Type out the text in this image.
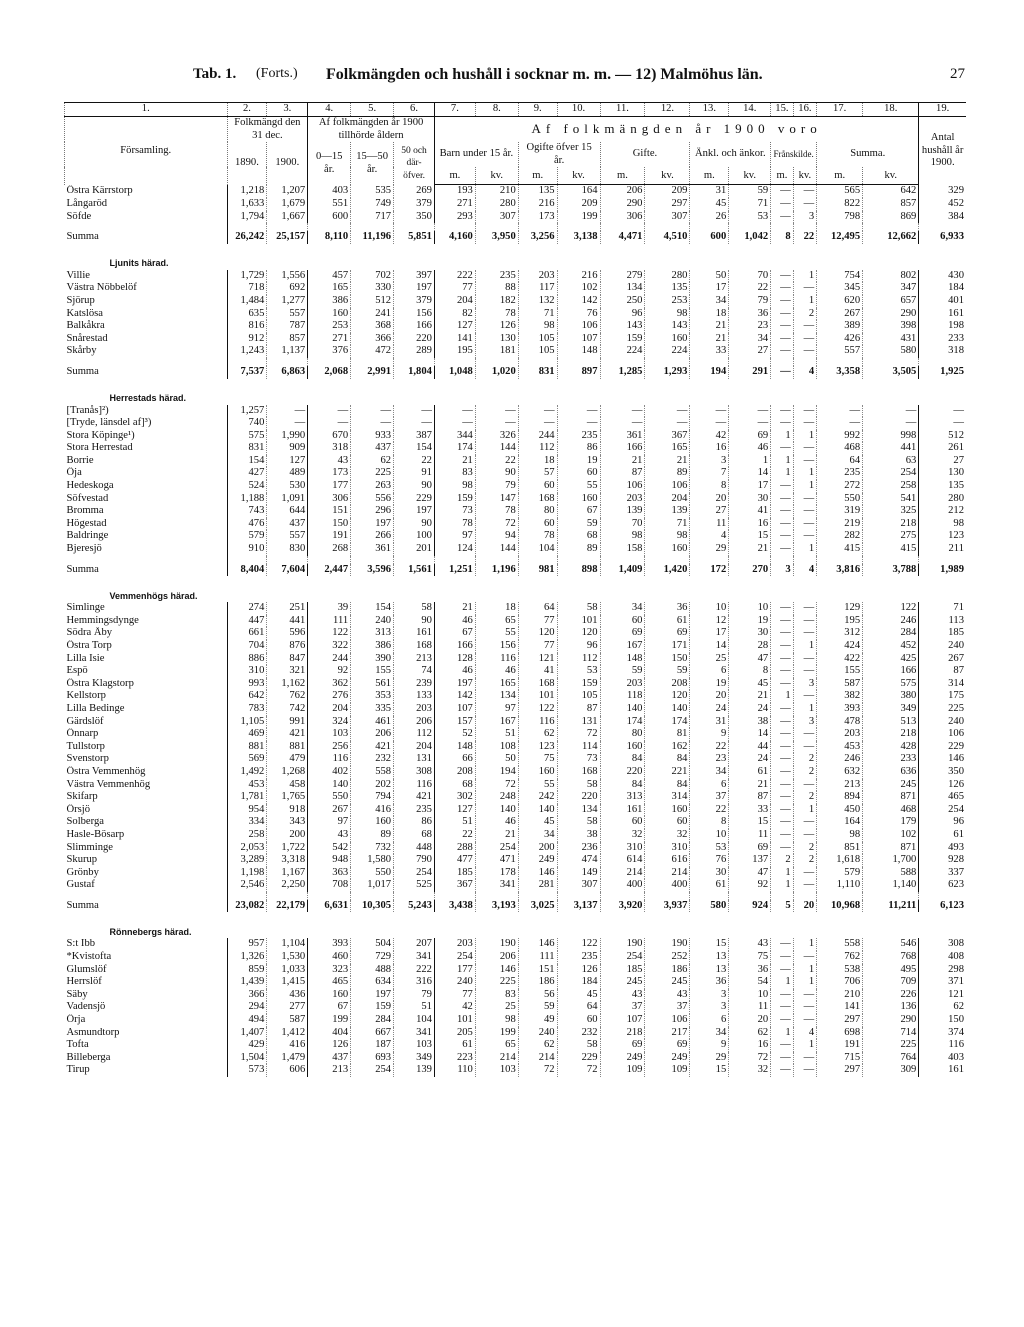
Tab. 1. (Forts.) Folkmängden och hushåll i socknar m. m. — 12) Malmöhus län.	27
1.	2.	3.	4.	5.	6.	7.	8.	9.	10.	11.	12.	13.	14.	15.	16.	17.	18.	19.
Församling.	Folkmängd den 31 dec.		Af folkmängden år 1900 tillhörde åldern			Af folkmängden år 1900 voro												Antal hushåll år 1900.
	1890.	1900.	0—15 år.	15—50 år.	50 och där-öfver.	Barn under 15 år.		Ogifte öfver 15 år.		Gifte.		Änkl. och änkor.		Frånskilde.		Summa.		
						m.	kv.	m.	kv.	m.	kv.	m.	kv.	m.	kv.	m.	kv.	
Östra Kärrstorp	1,218	1,207	403	535	269	193	210	135	164	206	209	31	59	—	—	565	642	329
Långaröd	1,633	1,679	551	749	379	271	280	216	209	290	297	45	71	—	—	822	857	452
Söfde	1,794	1,667	600	717	350	293	307	173	199	306	307	26	53	—	3	798	869	384

Summa	26,242	25,157	8,110	11,196	5,851	4,160	3,950	3,256	3,138	4,471	4,510	600	1,042	8	22	12,495	12,662	6,933
Ljunits härad.																		
Villie	1,729	1,556	457	702	397	222	235	203	216	279	280	50	70	—	1	754	802	430
Västra Nöbbelöf	718	692	165	330	197	77	88	117	102	134	135	17	22	—	—	345	347	184
Sjörup	1,484	1,277	386	512	379	204	182	132	142	250	253	34	79	—	1	620	657	401
Katslösa	635	557	160	241	156	82	78	71	76	96	98	18	36	—	2	267	290	161
Balkåkra	816	787	253	368	166	127	126	98	106	143	143	21	23	—	—	389	398	198
Snårestad	912	857	271	366	220	141	130	105	107	159	160	21	34	—	—	426	431	233
Skårby	1,243	1,137	376	472	289	195	181	105	148	224	224	33	27	—	—	557	580	318

Summa	7,537	6,863	2,068	2,991	1,804	1,048	1,020	831	897	1,285	1,293	194	291	—	4	3,358	3,505	1,925
Herrestads härad.																		
[Tranås]²)	1,257	—	—	—	—	—	—	—	—	—	—	—	—	—	—	—	—	—
[Tryde, länsdel af]³)	740	—	—	—	—	—	—	—	—	—	—	—	—	—	—	—	—	—
Stora Köpinge¹)	575	1,990	670	933	387	344	326	244	235	361	367	42	69	1	1	992	998	512
Stora Herrestad	831	909	318	437	154	174	144	112	86	166	165	16	46	—	—	468	441	261
Borrie	154	127	43	62	22	21	22	18	19	21	21	3	1	1	—	64	63	27
Öja	427	489	173	225	91	83	90	57	60	87	89	7	14	1	1	235	254	130
Hedeskoga	524	530	177	263	90	98	79	60	55	106	106	8	17	—	1	272	258	135
Söfvestad	1,188	1,091	306	556	229	159	147	168	160	203	204	20	30	—	—	550	541	280
Bromma	743	644	151	296	197	73	78	80	67	139	139	27	41	—	—	319	325	212
Högestad	476	437	150	197	90	78	72	60	59	70	71	11	16	—	—	219	218	98
Baldringe	579	557	191	266	100	97	94	78	68	98	98	4	15	—	—	282	275	123
Bjeresjö	910	830	268	361	201	124	144	104	89	158	160	29	21	—	1	415	415	211

Summa	8,404	7,604	2,447	3,596	1,561	1,251	1,196	981	898	1,409	1,420	172	270	3	4	3,816	3,788	1,989
Vemmenhögs härad.																		
Simlinge	274	251	39	154	58	21	18	64	58	34	36	10	10	—	—	129	122	71
Hemmingsdynge	447	441	111	240	90	46	65	77	101	60	61	12	19	—	—	195	246	113
Södra Åby	661	596	122	313	161	67	55	120	120	69	69	17	30	—	—	312	284	185
Östra Torp	704	876	322	386	168	166	156	77	96	167	171	14	28	—	1	424	452	240
Lilla Isie	886	847	244	390	213	128	116	121	112	148	150	25	47	—	—	422	425	267
Espö	310	321	92	155	74	46	46	41	53	59	59	6	8	—	—	155	166	87
Östra Klagstorp	993	1,162	362	561	239	197	165	168	159	203	208	19	45	—	3	587	575	314
Kellstorp	642	762	276	353	133	142	134	101	105	118	120	20	21	1	—	382	380	175
Lilla Bedinge	783	742	204	335	203	107	97	122	87	140	140	24	24	—	1	393	349	225
Gärdslöf	1,105	991	324	461	206	157	167	116	131	174	174	31	38	—	3	478	513	240
Önnarp	469	421	103	206	112	52	51	62	72	80	81	9	14	—	—	203	218	106
Tullstorp	881	881	256	421	204	148	108	123	114	160	162	22	44	—	—	453	428	229
Svenstorp	569	479	116	232	131	66	50	75	73	84	84	23	24	—	2	246	233	146
Östra Vemmenhög	1,492	1,268	402	558	308	208	194	160	168	220	221	34	61	—	2	632	636	350
Västra Vemmenhög	453	458	140	202	116	68	72	55	58	84	84	6	21	—	—	213	245	126
Skifarp	1,781	1,765	550	794	421	302	248	242	220	313	314	37	87	—	2	894	871	465
Örsjö	954	918	267	416	235	127	140	140	134	161	160	22	33	—	1	450	468	254
Solberga	334	343	97	160	86	51	46	45	58	60	60	8	15	—	—	164	179	96
Hasle-Bösarp	258	200	43	89	68	22	21	34	38	32	32	10	11	—	—	98	102	61
Slimminge	2,053	1,722	542	732	448	288	254	200	236	310	310	53	69	—	2	851	871	493
Skurup	3,289	3,318	948	1,580	790	477	471	249	474	614	616	76	137	2	2	1,618	1,700	928
Grönby	1,198	1,167	363	550	254	185	178	146	149	214	214	30	47	1	—	579	588	337
Gustaf	2,546	2,250	708	1,017	525	367	341	281	307	400	400	61	92	1	—	1,110	1,140	623

Summa	23,082	22,179	6,631	10,305	5,243	3,438	3,193	3,025	3,137	3,920	3,937	580	924	5	20	10,968	11,211	6,123
Rönnebergs härad.																		
S:t Ibb	957	1,104	393	504	207	203	190	146	122	190	190	15	43	—	1	558	546	308
*Kvistofta	1,326	1,530	460	729	341	254	206	111	235	254	252	13	75	—	—	762	768	408
Glumslöf	859	1,033	323	488	222	177	146	151	126	185	186	13	36	—	1	538	495	298
Herrslöf	1,439	1,415	465	634	316	240	225	186	184	245	245	36	54	1	1	706	709	371
Säby	366	436	160	197	79	77	83	56	45	43	43	3	10	—	—	210	226	121
Vadensjö	294	277	67	159	51	42	25	59	64	37	37	3	11	—	—	141	136	62
Örja	494	587	199	284	104	101	98	49	60	107	106	6	20	—	—	297	290	150
Asmundtorp	1,407	1,412	404	667	341	205	199	240	232	218	217	34	62	1	4	698	714	374
Tofta	429	416	126	187	103	61	65	62	58	69	69	9	16	—	1	191	225	116
Billeberga	1,504	1,479	437	693	349	223	214	214	229	249	249	29	72	—	—	715	764	403
Tirup	573	606	213	254	139	110	103	72	72	109	109	15	32	—	—	297	309	161
